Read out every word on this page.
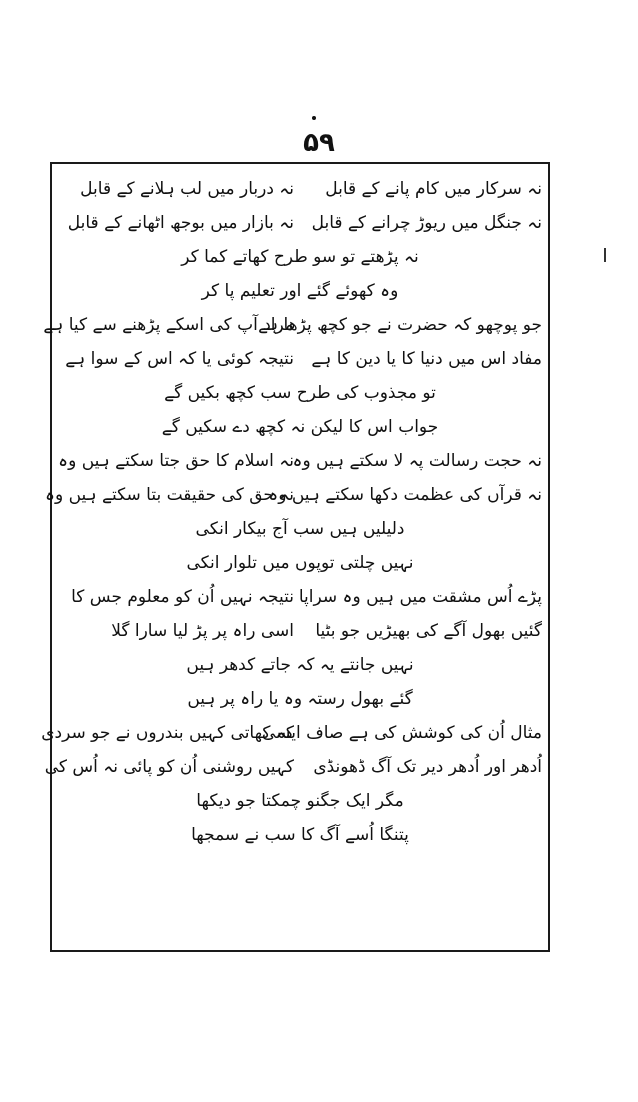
۵۹
نہ سرکار میں کام پانے کے قابل
نہ دربار میں لب ہلانے کے قابل
نہ جنگل میں ریوڑ چرانے کے قابل
نہ بازار میں بوجھ اٹھانے کے قابل
نہ پڑھتے تو سو طرح کھاتے کما کر
وہ کھوئے گئے اور تعلیم پا کر
جو پوچھو کہ حضرت نے جو کچھ پڑھا ہے
مراد آپ کی اسکے پڑھنے سے کیا ہے
مفاد اس میں دنیا کا یا دین کا ہے
نتیجہ کوئی یا کہ اس کے سوا ہے
تو مجذوب کی طرح سب کچھ بکیں گے
جواب اس کا لیکن نہ کچھ دے سکیں گے
نہ حجت رسالت پہ لا سکتے ہیں وہ
نہ اسلام کا حق جتا سکتے ہیں وہ
نہ قرآں کی عظمت دکھا سکتے ہیں وہ
نہ حق کی حقیقت بتا سکتے ہیں وہ
دلیلیں ہیں سب آج بیکار انکی
نہیں چلتی توپوں میں تلوار انکی
پڑے اُس مشقت میں ہیں وہ سراپا
نتیجہ نہیں اُن کو معلوم جس کا
گئیں بھول آگے کی بھیڑیں جو بٹیا
اسی راہ پر پڑ لیا سارا گلا
نہیں جانتے یہ کہ جاتے کدھر ہیں
گئے بھول رستہ وہ یا راہ پر ہیں
مثال اُن کی کوشش کی ہے صاف ایسی
کہ کھاتی کہیں بندروں نے جو سردی
اُدھر اور اُدھر دیر تک آگ ڈھونڈی
کہیں روشنی اُن کو پائی نہ اُس کی
مگر ایک جگنو چمکتا جو دیکھا
پتنگا اُسے آگ کا سب نے سمجھا
